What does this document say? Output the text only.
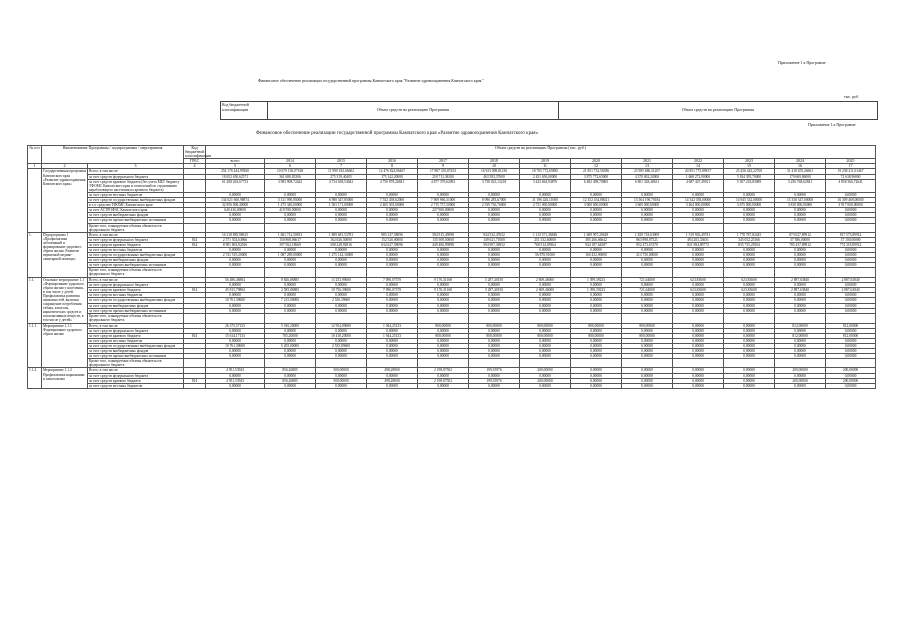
Приложение 1 к Программе
Финансовое обеспечение реализации государственной программы Камчатского края "Развитие здравоохранения Камчатского края "
тыс. руб.
Код бюджетной классификации	Объем средств на реализацию Программы	Объем средств на реализацию Программы
Приложение 1 к Программе
Финансовое обеспечение реализации государственной программы Камчатского края «Развитие здравоохранения Камчатского края»
№ п/п	Наименование Программы / подпрограммы / мероприятия		Код бюджетной классификации	Объем средств на реализацию Программы (тыс. руб.)												
			ГРБС	всего	2014	2015	2016	2017	2018	2019	2020	2021	2022	2023	2024	2025
1	2	3	4	5	6	7	8	9	10	11	12	13	14	15	16	17
	Государственная программа Камчатского края «Развитие здравоохранения Камчатского края»	Всего, в том числе:		254 176 444,99360	10 679 156,07168	11 990 182,66602	12 476 824,06467	17 887 335,87433	16 923 098,81230	18 705 772,65885	21 851 752,56386	23 985 686,31207	20 851 775,89817	25 456 443,22769	31 418 655,26661	19 238 211,61467
		за счет средств федерального бюджета		18 652 650,62571	361 680,83306	275 319,40405	175 142,20000	250 713,38100	463 583,37600	2 451 656,00000	3 875 772,65000	4 370 002,20000	1 668 272,90000	5 184 395,70000	179 669,86000	72 638,96800
		за счет средств краевого бюджета (без учета МБТ бюджету ТФОМС Камчатского края и отчислений по страхованию неработающего населения из краевого бюджета)		61 208 263,67753	3 983 908,72442	4 734 638,54042	4 750 878,26841	4 877 379,62092	3 758 023,13218	3 423 664,94876	6 482 498,70865	6 801 328,48631	4 687 447,49011	5 307 218,83089	3 256 768,62841	4 858 366,72641
		за счет средств местных бюджетов		0,00000	0,00000	0,00000	0,00000	0,00000	0,00000	0,00000	0,00000	0,00000	0,00000	0,00000	0,00000	0,00000
		за счет средств государственных внебюджетных фондов		134 021 660,98874	5 311 990,85000	6 980 347,85000	7 552 458,62000	7 969 966,31000	8 096 283,67000	11 196 426,11000	12 352 434,88021	13 564 190,70184	14 342 038,00000	14 945 332,00000	15 330 347,00000	16 309 468,00000
		в т.ч. средства ТФОМС Камчатского края		32 856 008,40000	1 475 340,00000	1 501 171,00000	2 465 303,00000	2 715 737,50000	2 539 736,76000	2 731 000,00000	3 000 000,00000	3 600 000,00000	3 464 000,00000	3 675 000,00000	3 810 000,00000	3 917 000,00000
		за счет АСТРОФАС Камчатского края		640 436,00000	419 590,00000	0,00000	0,00000	227 900,00000	0,00000	0,00000	0,00000	0,00000	0,00000	0,00000	0,00000	0,00000
		за счет средств внебюджетных фондов		0,00000	0,00000	0,00000	0,00000	0,00000	0,00000	0,00000	0,00000	0,00000	0,00000	0,00000	0,00000	0,00000
		за счет средств прочих внебюджетных источников		0,00000	0,00000	0,00000	0,00000	0,00000	0,00000	0,00000	0,00000	0,00000	0,00000	0,00000	0,00000	0,00000
		Кроме того, планируемые объемы обязательств федерального бюджета														
1.	Подпрограмма 1 «Профилактика заболеваний и формирование здорового образа жизни. Развитие первичной медико-санитарной помощи»	Всего, в том числе:		16 318 885,98615	1 661 712,50813	1 809 681,53781	985 147,58096	584 915,45898	944 532,47652	1 113 571,36846	1 609 907,20628	1 829 718,63009	1 519 936,49741	1 778 787,82445	873 027,89912	817 573,89912
		за счет средств федерального бюджета	814	2 571 502,64966	150 868,06617	162 826,50000	152 520,00000	135 508,50000	149 621,71000	251 532,60000	385 266,66642	863 898,07521	494 203,33651	345 052,25166	37 586,00000	37 100,00000
		за счет средств краевого бюджета	814	8 901 863,92016	397 562,18669	508 228,92816	632 627,58096	449 406,95898	594 907,36952	768 514,05964	944 187,64587	852 473,67470	821 984,89773	835 735,25504	785 437,89912	774 318,89912
		за счет средств местных бюджетов		0,00000	0,00000	0,00000	0,00000	0,00000	0,00000	0,00000	0,00000	0,00000	0,00000	0,00000	0,00000	0,00000
		за счет средств государственных внебюджетных фондов		2 741 519,20000	1 087 289,00000	1 275 142,16000	0,00000	0,00000	0,00000	56 878,91000	160 452,90000	213 750,00000	0,00000	0,00000	0,00000	0,00000
		за счет средств внебюджетных фондов		0,00000	0,00000	0,00000	0,00000	0,00000	0,00000	0,00000	0,00000	0,00000	0,00000	0,00000	0,00000	0,00000
		за счет средств прочих внебюджетных источников		0,00000	0,00000	0,00000	0,00000	0,00000	0,00000	0,00000	0,00000	0,00000	0,00000	0,00000	0,00000	0,00000
		Кроме того, планируемые объемы обязательств федерального бюджета														
1.1.	Основное мероприятие 1.1 «Формирование здорового образа жизни у населения, в том числе у детей. Профилактика развития зависимостей, включая сокращение потребления табака, алкоголя, наркотических средств и психоактивных веществ, в том числе у детей»	Всего, в том числе:		56 486,46884	8 826,86885	13 253,99600	7 090,07378	9 176,31168	5 287,40150	2 609,46000	1 399,39233	721,64000	623,83600	623,83600	2 887,63840	2 887,63840
		за счет средств федерального бюджета		0,00000	0,00000	0,00000	0,00000	0,00000	0,00000	0,00000	0,00000	0,00000	0,00000	0,00000	0,00000	0,00000
		за счет средств краевого бюджета	814	45 815,79884	2 585,86885	10 756,39600	7 090,07378	9 176,31168	5 287,40150	2 609,46000	1 399,39233	721,64000	623,83600	623,83600	2 887,63840	2 887,63840
		за счет средств местных бюджетов		0,00000	0,00000	0,00000	0,00000	0,00000	0,00000	0,00000	0,00000	0,00000	0,00000	0,00000	0,00000	0,00000
		за счет средств государственных внебюджетных фондов		10 761,39600	7 215,00000	2 536,39600	0,00000	0,00000	0,00000	0,00000	0,00000	0,00000	0,00000	0,00000	0,00000	0,00000
		за счет средств внебюджетных фондов		0,00000	0,00000	0,00000	0,00000	0,00000	0,00000	0,00000	0,00000	0,00000	0,00000	0,00000	0,00000	0,00000
		за счет средств прочих внебюджетных источников		0,00000	0,00000	0,00000	0,00000	0,00000	0,00000	0,00000	0,00000	0,00000	0,00000	0,00000	0,00000	0,00000
		Кроме того, планируемые объемы обязательств федерального бюджета														
1.1.1.	Мероприятие 1.1.1 Формирование здорового образа жизни	Всего, в том числе:		26 375,57133	5 910,20000	12 954,09600	1 944,25133	800,00000	800,00000	800,00000	800,00000	800,00000	0,00000	0,00000	812,00000	812,00000
		за счет средств федерального бюджета		0,00000	0,00000	0,00000	0,00000	0,00000	0,00000	0,00000	0,00000	0,00000	0,00000	0,00000	0,00000	0,00000
		за счет средств краевого бюджета	814	15 614,17133	705,20000	10 418,20000	1 944,25133	800,00000	800,00000	800,00000	800,00000	800,00000	0,00000	0,00000	812,00000	812,00000
		за счет средств местных бюджетов		0,00000	0,00000	0,00000	0,00000	0,00000	0,00000	0,00000	0,00000	0,00000	0,00000	0,00000	0,00000	0,00000
		за счет средств государственных внебюджетных фондов		10 761,39600	5 205,00000	2 535,89600	0,00000	0,00000	0,00000	0,00000	0,00000	0,00000	0,00000	0,00000	0,00000	0,00000
		за счет средств внебюджетных фондов		0,00000	0,00000	0,00000	0,00000	0,00000	0,00000	0,00000	0,00000	0,00000	0,00000	0,00000	0,00000	0,00000
		за счет средств прочих внебюджетных источников		0,00000	0,00000	0,00000	0,00000	0,00000	0,00000	0,00000	0,00000	0,00000	0,00000	0,00000	0,00000	0,00000
		Кроме того, планируемые объемы обязательств федерального бюджета														
1.1.2.	Мероприятие 1.1.2 Профилактика наркомании и алкоголизма	Всего, в том числе:		4 951,53943	856,26885	500,00000	498,28000	2 198,87502	199,55976	200,00000	0,00000	0,00000	0,00000	0,00000	200,00000	200,00000
		за счет средств федерального бюджета		0,00000	0,00000	0,00000	0,00000	0,00000	0,00000	0,00000	0,00000	0,00000	0,00000	0,00000	0,00000	0,00000
		за счет средств краевого бюджета	814	4 951,53943	856,26885	500,00000	498,28000	2 198,87502	199,55976	200,00000	0,00000	0,00000	0,00000	0,00000	200,00000	200,00000
		за счет средств местных бюджетов		0,00000	0,00000	0,00000	0,00000	0,00000	0,00000	0,00000	0,00000	0,00000	0,00000	0,00000	0,00000	0,00000
